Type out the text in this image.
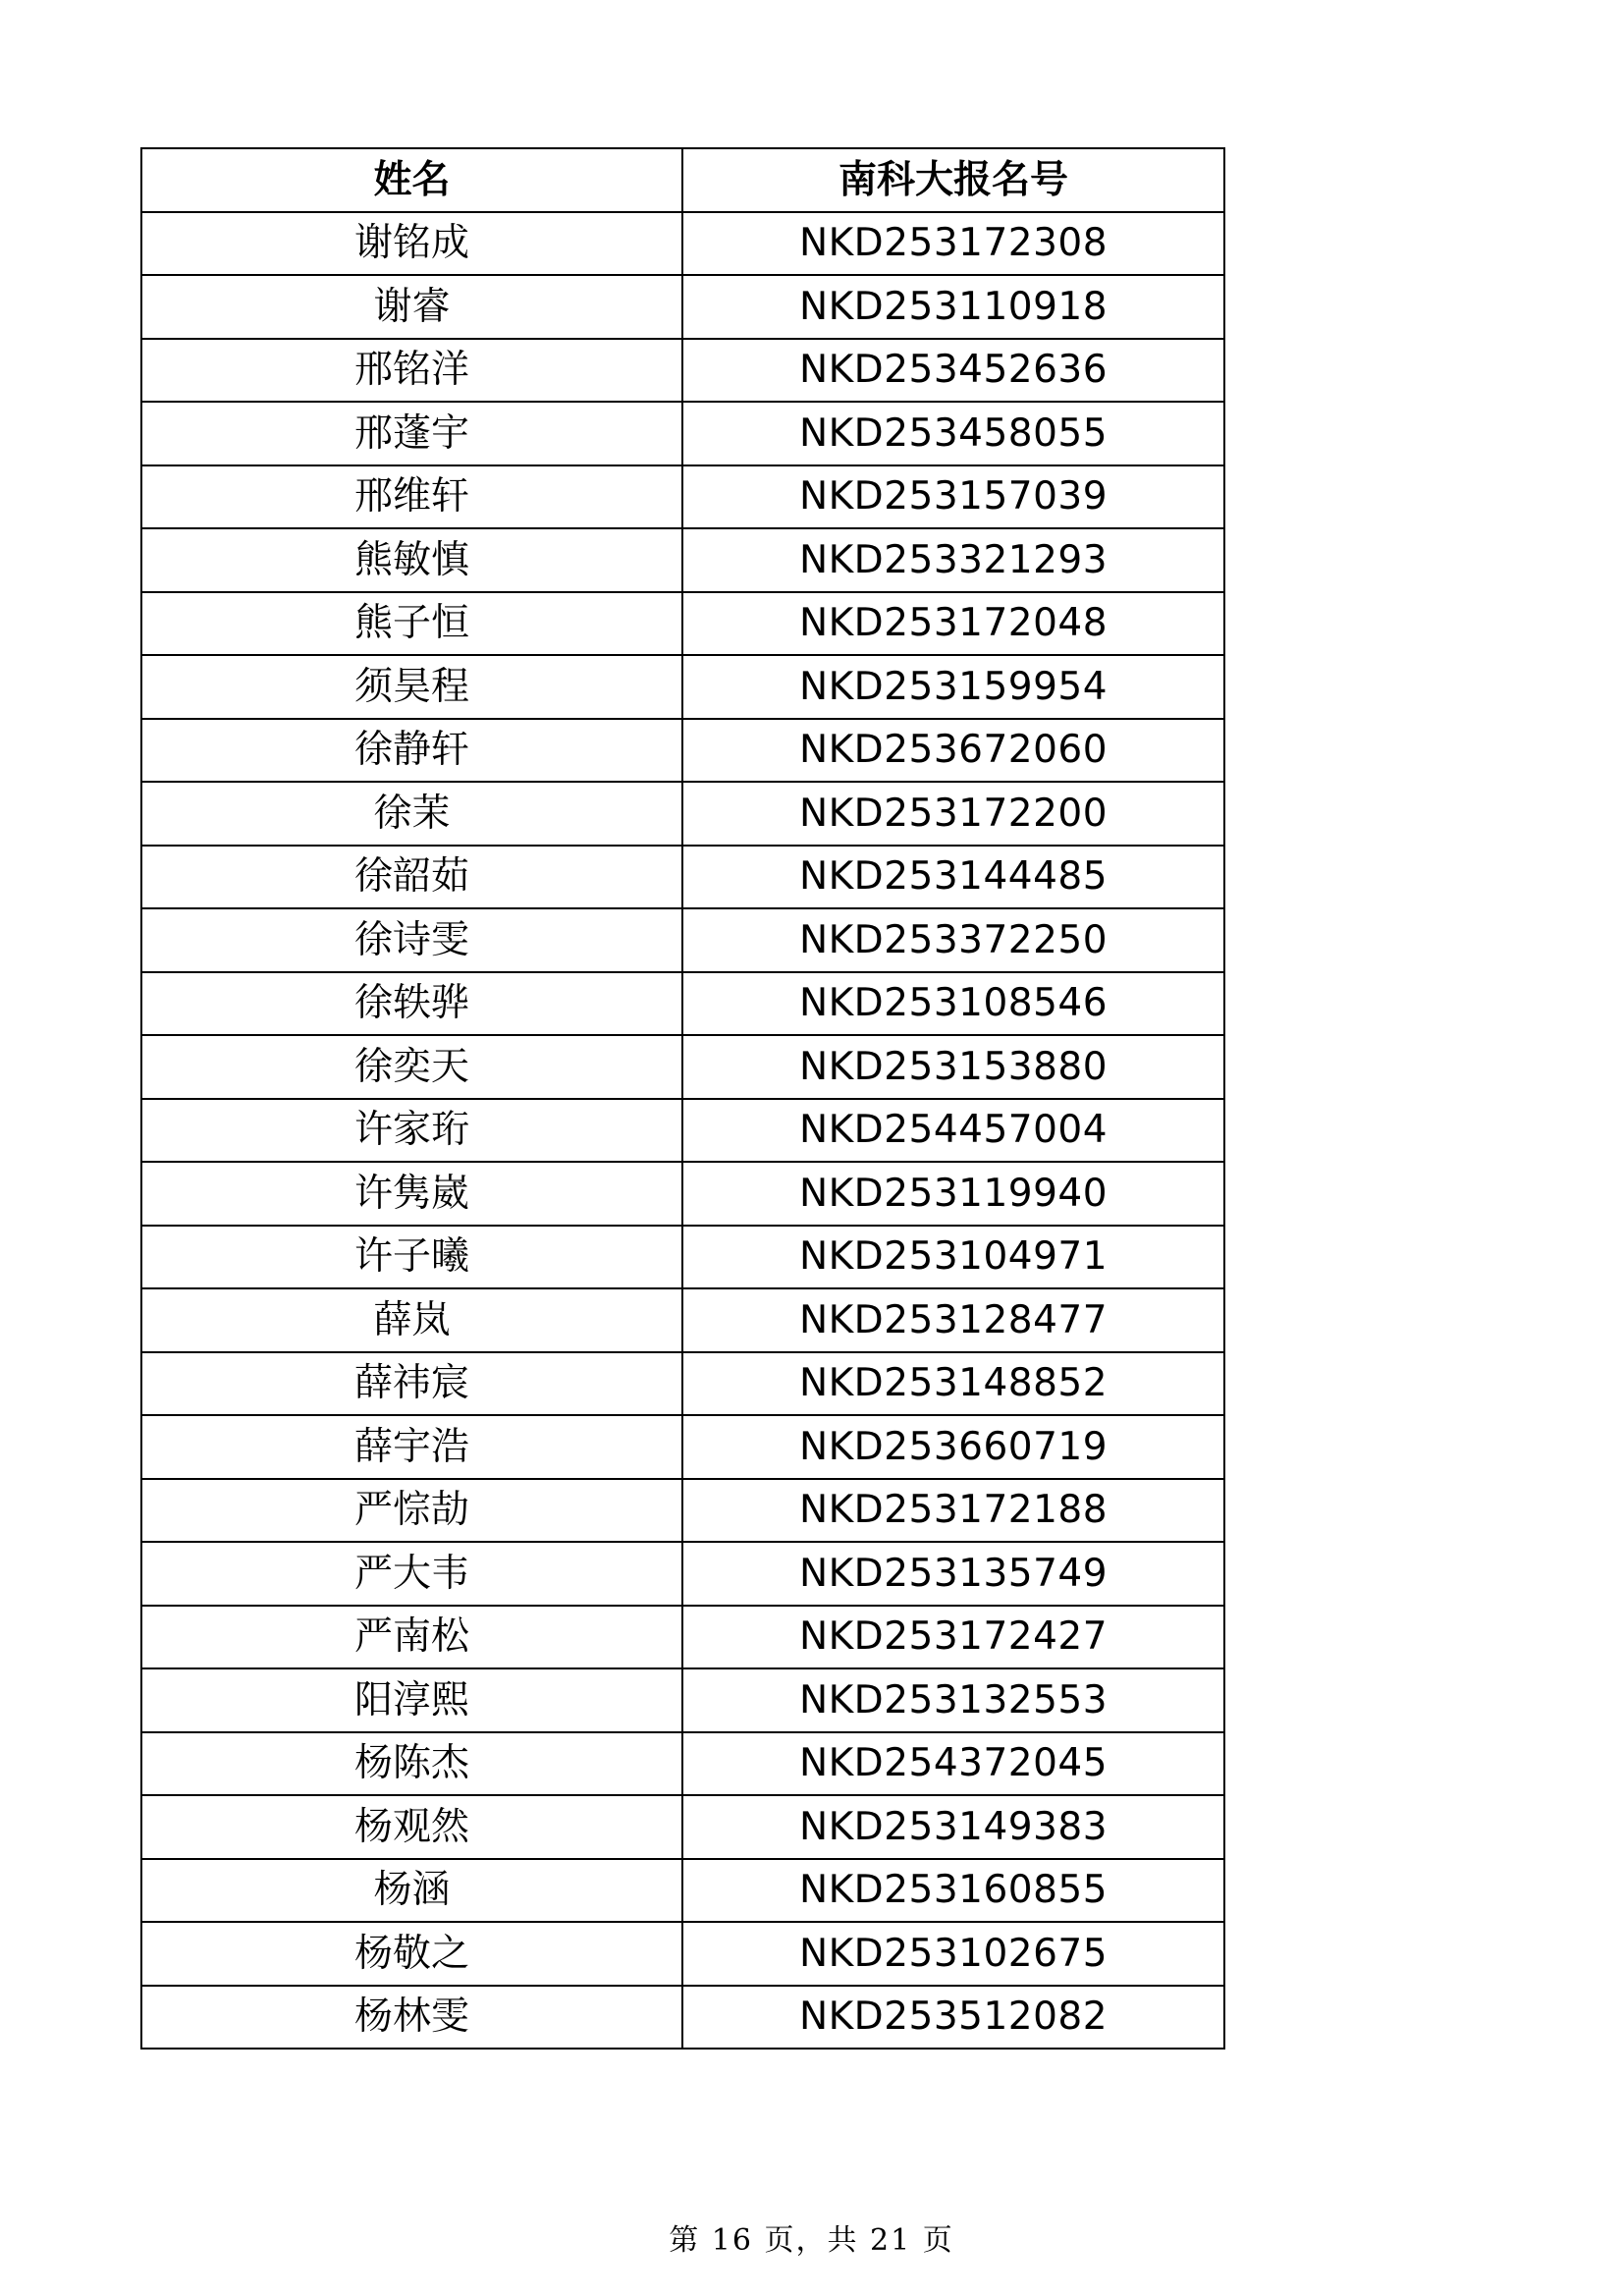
姓名	南科大报名号
谢铭成	NKD253172308
谢睿	NKD253110918
邢铭洋	NKD253452636
邢蓬宇	NKD253458055
邢维轩	NKD253157039
熊敏慎	NKD253321293
熊子恒	NKD253172048
须昊程	NKD253159954
徐静轩	NKD253672060
徐茉	NKD253172200
徐韶茹	NKD253144485
徐诗雯	NKD253372250
徐轶骅	NKD253108546
徐奕天	NKD253153880
许家珩	NKD254457004
许隽崴	NKD253119940
许子曦	NKD253104971
薛岚	NKD253128477
薛祎宸	NKD253148852
薛宇浩	NKD253660719
严悰劼	NKD253172188
严大韦	NKD253135749
严南松	NKD253172427
阳淳熙	NKD253132553
杨陈杰	NKD254372045
杨观然	NKD253149383
杨涵	NKD253160855
杨敬之	NKD253102675
杨林雯	NKD253512082
第 16 页，共 21 页
